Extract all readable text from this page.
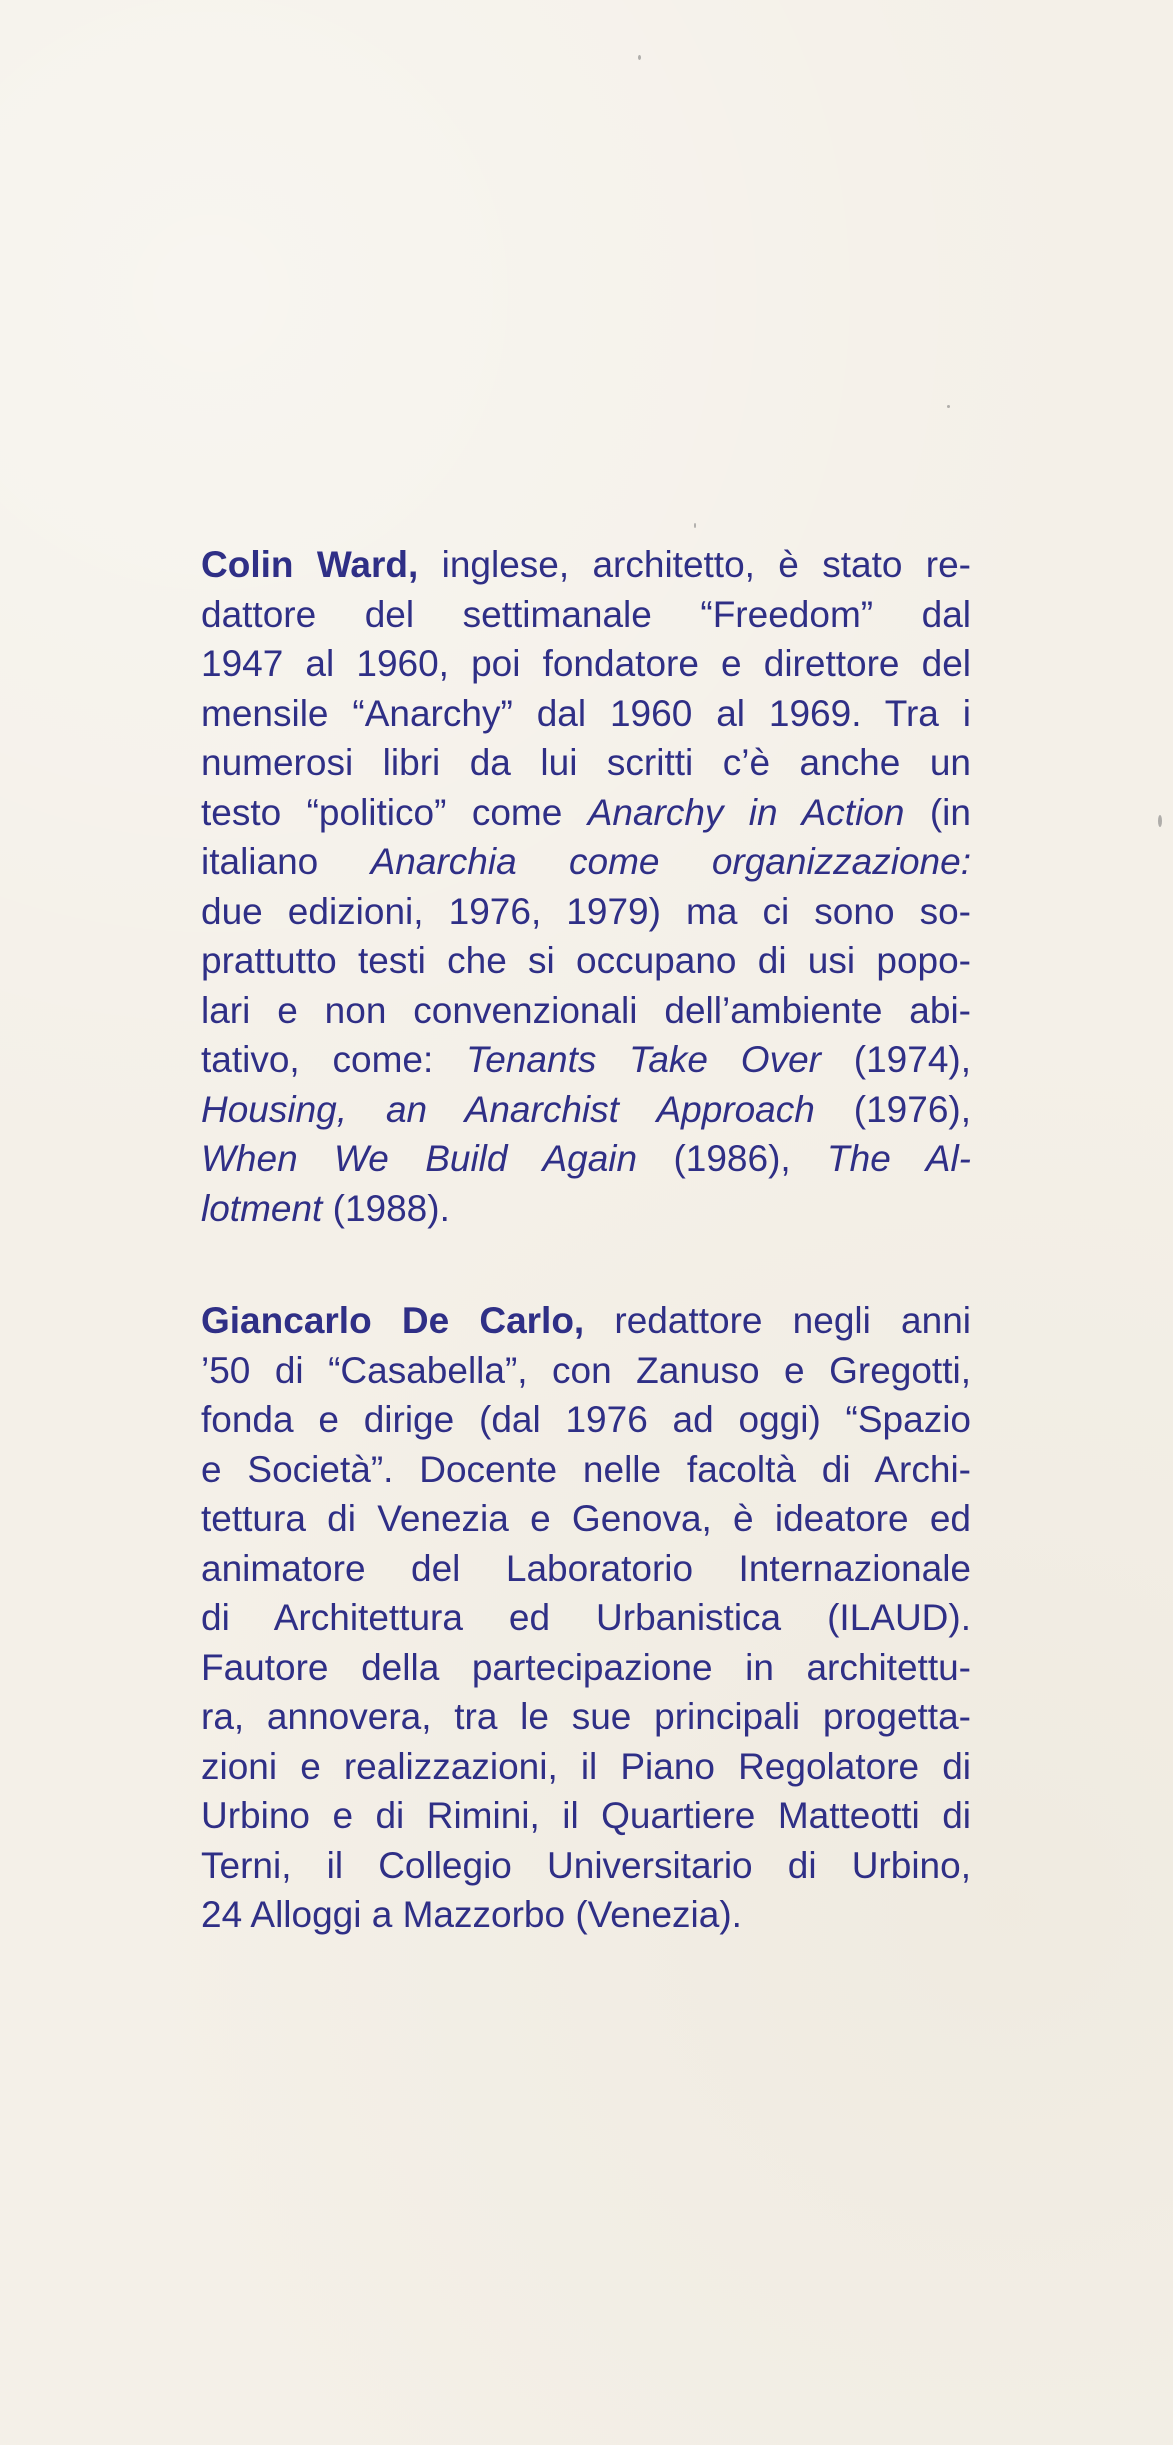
Colin Ward, inglese, architetto, è stato re-
dattore del settimanale “Freedom” dal
1947 al 1960, poi fondatore e direttore del
mensile “Anarchy” dal 1960 al 1969. Tra i
numerosi libri da lui scritti c’è anche un
testo “politico” come Anarchy in Action (in
italiano Anarchia come organizzazione:
due edizioni, 1976, 1979) ma ci sono so-
prattutto testi che si occupano di usi popo-
lari e non convenzionali dell’ambiente abi-
tativo, come: Tenants Take Over (1974),
Housing, an Anarchist Approach (1976),
When We Build Again (1986), The Al-
lotment (1988).
Giancarlo De Carlo, redattore negli anni
’50 di “Casabella”, con Zanuso e Gregotti,
fonda e dirige (dal 1976 ad oggi) “Spazio
e Società”. Docente nelle facoltà di Archi-
tettura di Venezia e Genova, è ideatore ed
animatore del Laboratorio Internazionale
di Architettura ed Urbanistica (ILAUD).
Fautore della partecipazione in architettu-
ra, annovera, tra le sue principali progetta-
zioni e realizzazioni, il Piano Regolatore di
Urbino e di Rimini, il Quartiere Matteotti di
Terni, il Collegio Universitario di Urbino,
24 Alloggi a Mazzorbo (Venezia).
